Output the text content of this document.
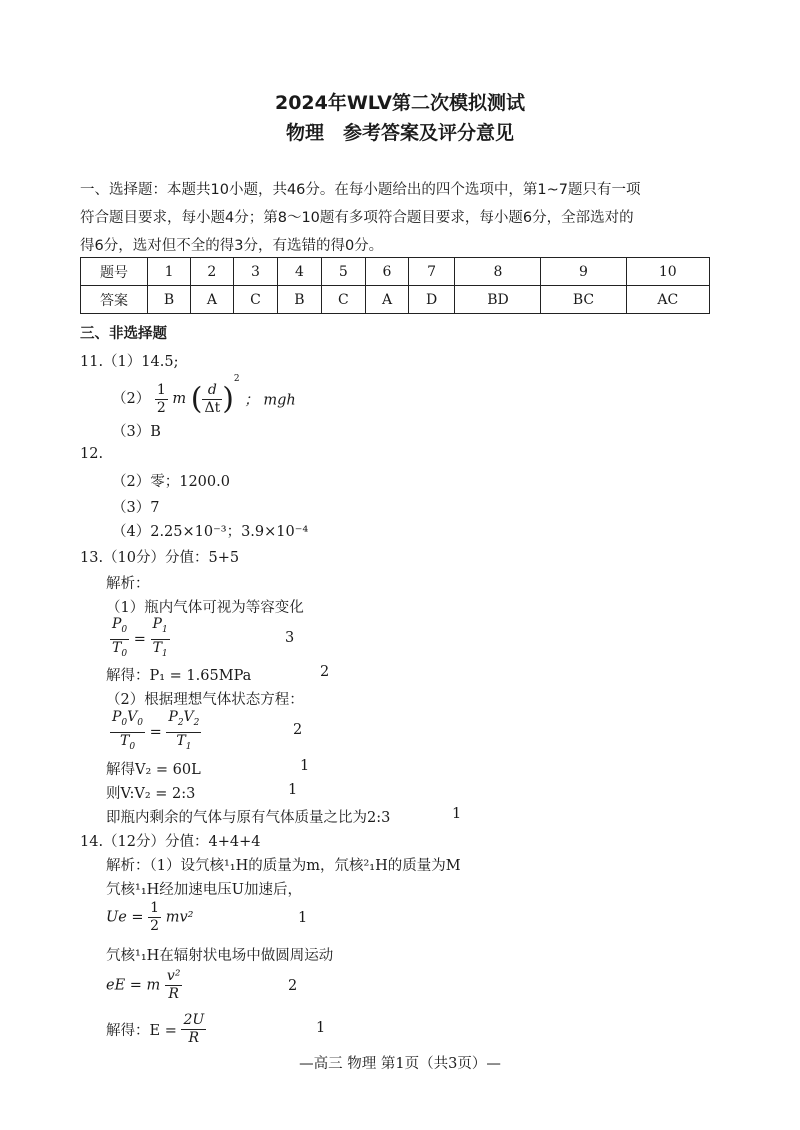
2024年WLV第二次模拟测试
物理　参考答案及评分意见
一、选择题：本题共10小题，共46分。在每小题给出的四个选项中，第1~7题只有一项
符合题目要求，每小题4分；第8～10题有多项符合题目要求，每小题6分，全部选对的
得6分，选对但不全的得3分，有选错的得0分。
题号	1	2	3	4	5	6	7	8	9	10
答案	B	A	C	B	C	A	D	BD	BC	AC
三、非选择题
11.（1）14.5;
$(2) \frac{1}{2}$ m ( $\frac{d}{\Delta t} )^2$ ； mgh
（3）B
12.
（2）零；1200.0
（3）7
（4）2.25×10⁻³；3.9×10⁻⁴
13.（10分）分值：5+5
解析：
（1）瓶内气体可视为等容变化
$\frac{P_0}{T_0} = \frac{P_1}{T_1}$	3
解得：P₁ = 1.65MPa	2
（2）根据理想气体状态方程：
$\frac{P_0V_0}{T_0} = \frac{P_2V_2}{T_1}$	2
解得V₂ = 60L	1
则V:V₂ = 2:3	1
即瓶内剩余的气体与原有气体质量之比为2:3	1
14.（12分）分值：4+4+4
解析：（1）设氕核¹₁H的质量为m，氘核²₁H的质量为M
氕核¹₁H经加速电压U加速后，
$Ue = \frac{1}{2} mv^2$	1
氕核¹₁H在辐射状电场中做圆周运动
eE = m $\frac{\text{v²}}{R}$	2
解得：$E = \frac{2U}{R}$	1
—高三 物理 第1页（共3页）—
